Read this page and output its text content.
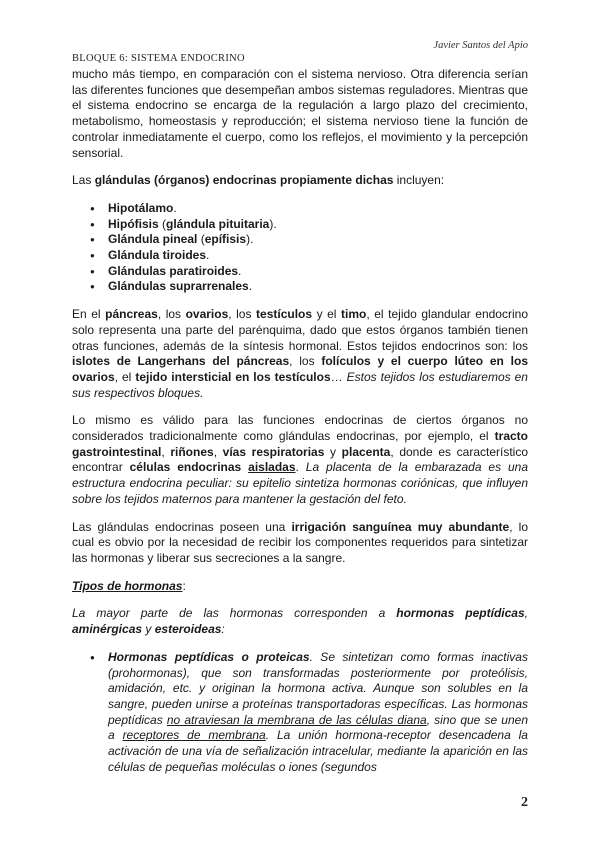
Javier Santos del Apio
BLOQUE 6: SISTEMA ENDOCRINO

mucho más tiempo, en comparación con el sistema nervioso. Otra diferencia serían las diferentes funciones que desempeñan ambos sistemas reguladores. Mientras que el sistema endocrino se encarga de la regulación a largo plazo del crecimiento, metabolismo, homeostasis y reproducción; el sistema nervioso tiene la función de controlar inmediatamente el cuerpo, como los reflejos, el movimiento y la percepción sensorial.

Las glándulas (órganos) endocrinas propiamente dichas incluyen:

● Hipotálamo.
● Hipófisis (glándula pituitaria).
● Glándula pineal (epífisis).
● Glándula tiroides.
● Glándulas paratiroides.
● Glándulas suprarrenales.

En el páncreas, los ovarios, los testículos y el timo, el tejido glandular endocrino solo representa una parte del parénquima, dado que estos órganos también tienen otras funciones, además de la síntesis hormonal. Estos tejidos endocrinos son: los islotes de Langerhans del páncreas, los folículos y el cuerpo lúteo en los ovarios, el tejido intersticial en los testículos… Estos tejidos los estudiaremos en sus respectivos bloques.

Lo mismo es válido para las funciones endocrinas de ciertos órganos no considerados tradicionalmente como glándulas endocrinas, por ejemplo, el tracto gastrointestinal, riñones, vías respiratorias y placenta, donde es característico encontrar células endocrinas aisladas. La placenta de la embarazada es una estructura endocrina peculiar: su epitelio sintetiza hormonas coriónicas, que influyen sobre los tejidos maternos para mantener la gestación del feto.

Las glándulas endocrinas poseen una irrigación sanguínea muy abundante, lo cual es obvio por la necesidad de recibir los componentes requeridos para sintetizar las hormonas y liberar sus secreciones a la sangre.

Tipos de hormonas:

La mayor parte de las hormonas corresponden a hormonas peptídicas, aminérgicas y esteroideas:

● Hormonas peptídicas o proteicas. Se sintetizan como formas inactivas (prohormonas), que son transformadas posteriormente por proteólisis, amidación, etc. y originan la hormona activa. Aunque son solubles en la sangre, pueden unirse a proteínas transportadoras específicas. Las hormonas peptídicas no atraviesan la membrana de las células diana, sino que se unen a receptores de membrana. La unión hormona-receptor desencadena la activación de una vía de señalización intracelular, mediante la aparición en las células de pequeñas moléculas o iones (segundos
2
